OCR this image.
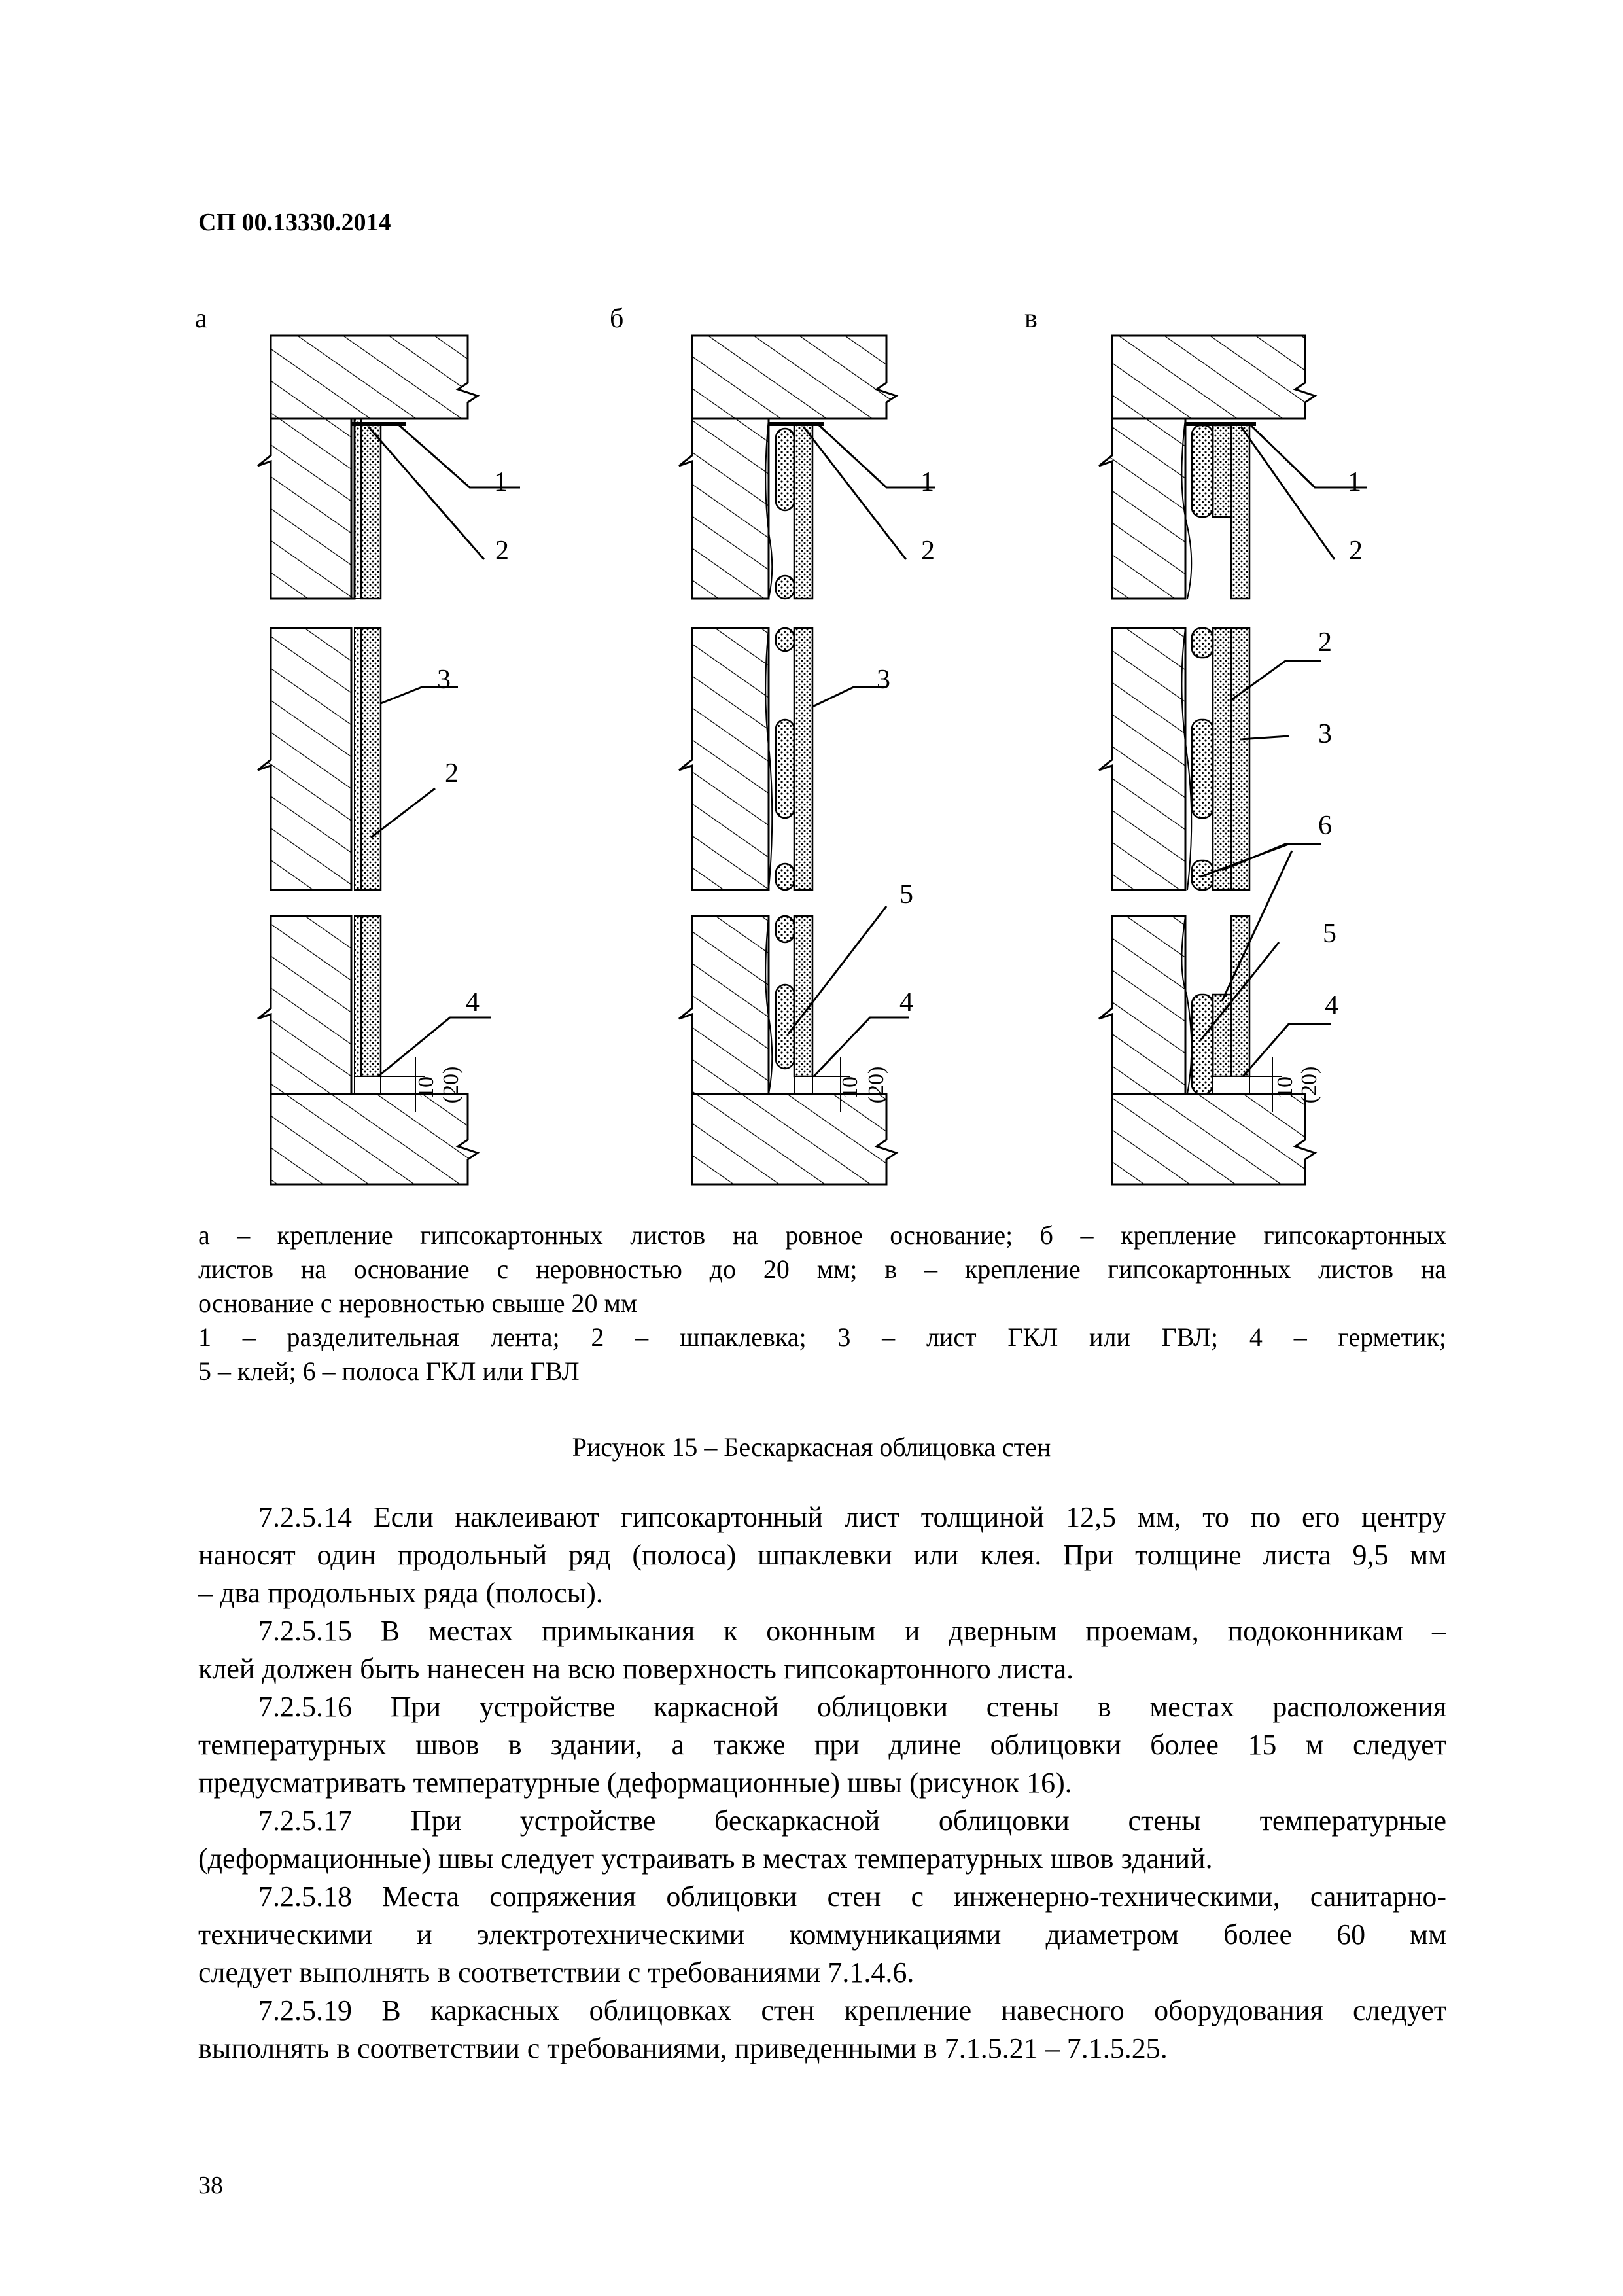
СП 00.13330.2014
а	б	в
1
2
3
2
4
10 (20)
1
2
3
5
4
10 (20)
1
2
2
3
6
5
4
10 (20)
а – крепление гипсокартонных листов на ровное основание; б – крепление гипсокартонных
листов на основание с неровностью до 20 мм; в – крепление гипсокартонных листов на
основание с неровностью свыше 20 мм
1 – разделительная лента; 2 – шпаклевка; 3 – лист ГКЛ или ГВЛ; 4 – герметик;
5 – клей; 6 – полоса ГКЛ или ГВЛ
Рисунок 15 – Бескаркасная облицовка стен
7.2.5.14 Если наклеивают гипсокартонный лист толщиной 12,5 мм, то по его центру
наносят один продольный ряд (полоса) шпаклевки или клея. При толщине листа 9,5 мм
– два продольных ряда (полосы).
7.2.5.15 В местах примыкания к оконным и дверным проемам, подоконникам –
клей должен быть нанесен на всю поверхность гипсокартонного листа.
7.2.5.16 При устройстве каркасной облицовки стены в местах расположения
температурных швов в здании, а также при длине облицовки более 15 м следует
предусматривать температурные (деформационные) швы (рисунок 16).
7.2.5.17 При устройстве бескаркасной облицовки стены температурные
(деформационные) швы следует устраивать в местах температурных швов зданий.
7.2.5.18 Места сопряжения облицовки стен с инженерно-техническими, санитарно-
техническими и электротехническими коммуникациями диаметром более 60 мм
следует выполнять в соответствии с требованиями 7.1.4.6.
7.2.5.19 В каркасных облицовках стен крепление навесного оборудования следует
выполнять в соответствии с требованиями, приведенными в 7.1.5.21 – 7.1.5.25.
38
